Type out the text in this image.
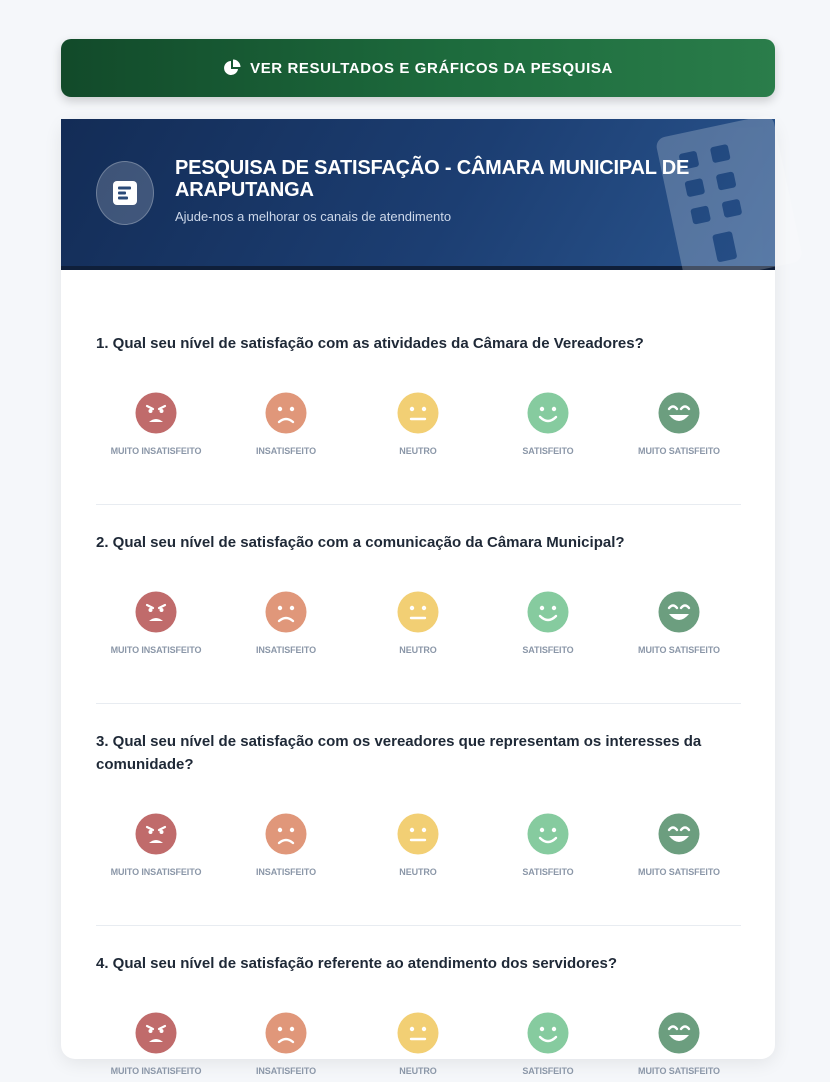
VER RESULTADOS E GRÁFICOS DA PESQUISA
PESQUISA DE SATISFAÇÃO - CÂMARA MUNICIPAL DE ARAPUTANGA
Ajude-nos a melhorar os canais de atendimento
1. Qual seu nível de satisfação com as atividades da Câmara de Vereadores?
MUITO INSATISFEITO	INSATISFEITO	NEUTRO	SATISFEITO	MUITO SATISFEITO
2. Qual seu nível de satisfação com a comunicação da Câmara Municipal?
MUITO INSATISFEITO	INSATISFEITO	NEUTRO	SATISFEITO	MUITO SATISFEITO
3. Qual seu nível de satisfação com os vereadores que representam os interesses da comunidade?
MUITO INSATISFEITO	INSATISFEITO	NEUTRO	SATISFEITO	MUITO SATISFEITO
4. Qual seu nível de satisfação referente ao atendimento dos servidores?
MUITO INSATISFEITO	INSATISFEITO	NEUTRO	SATISFEITO	MUITO SATISFEITO
